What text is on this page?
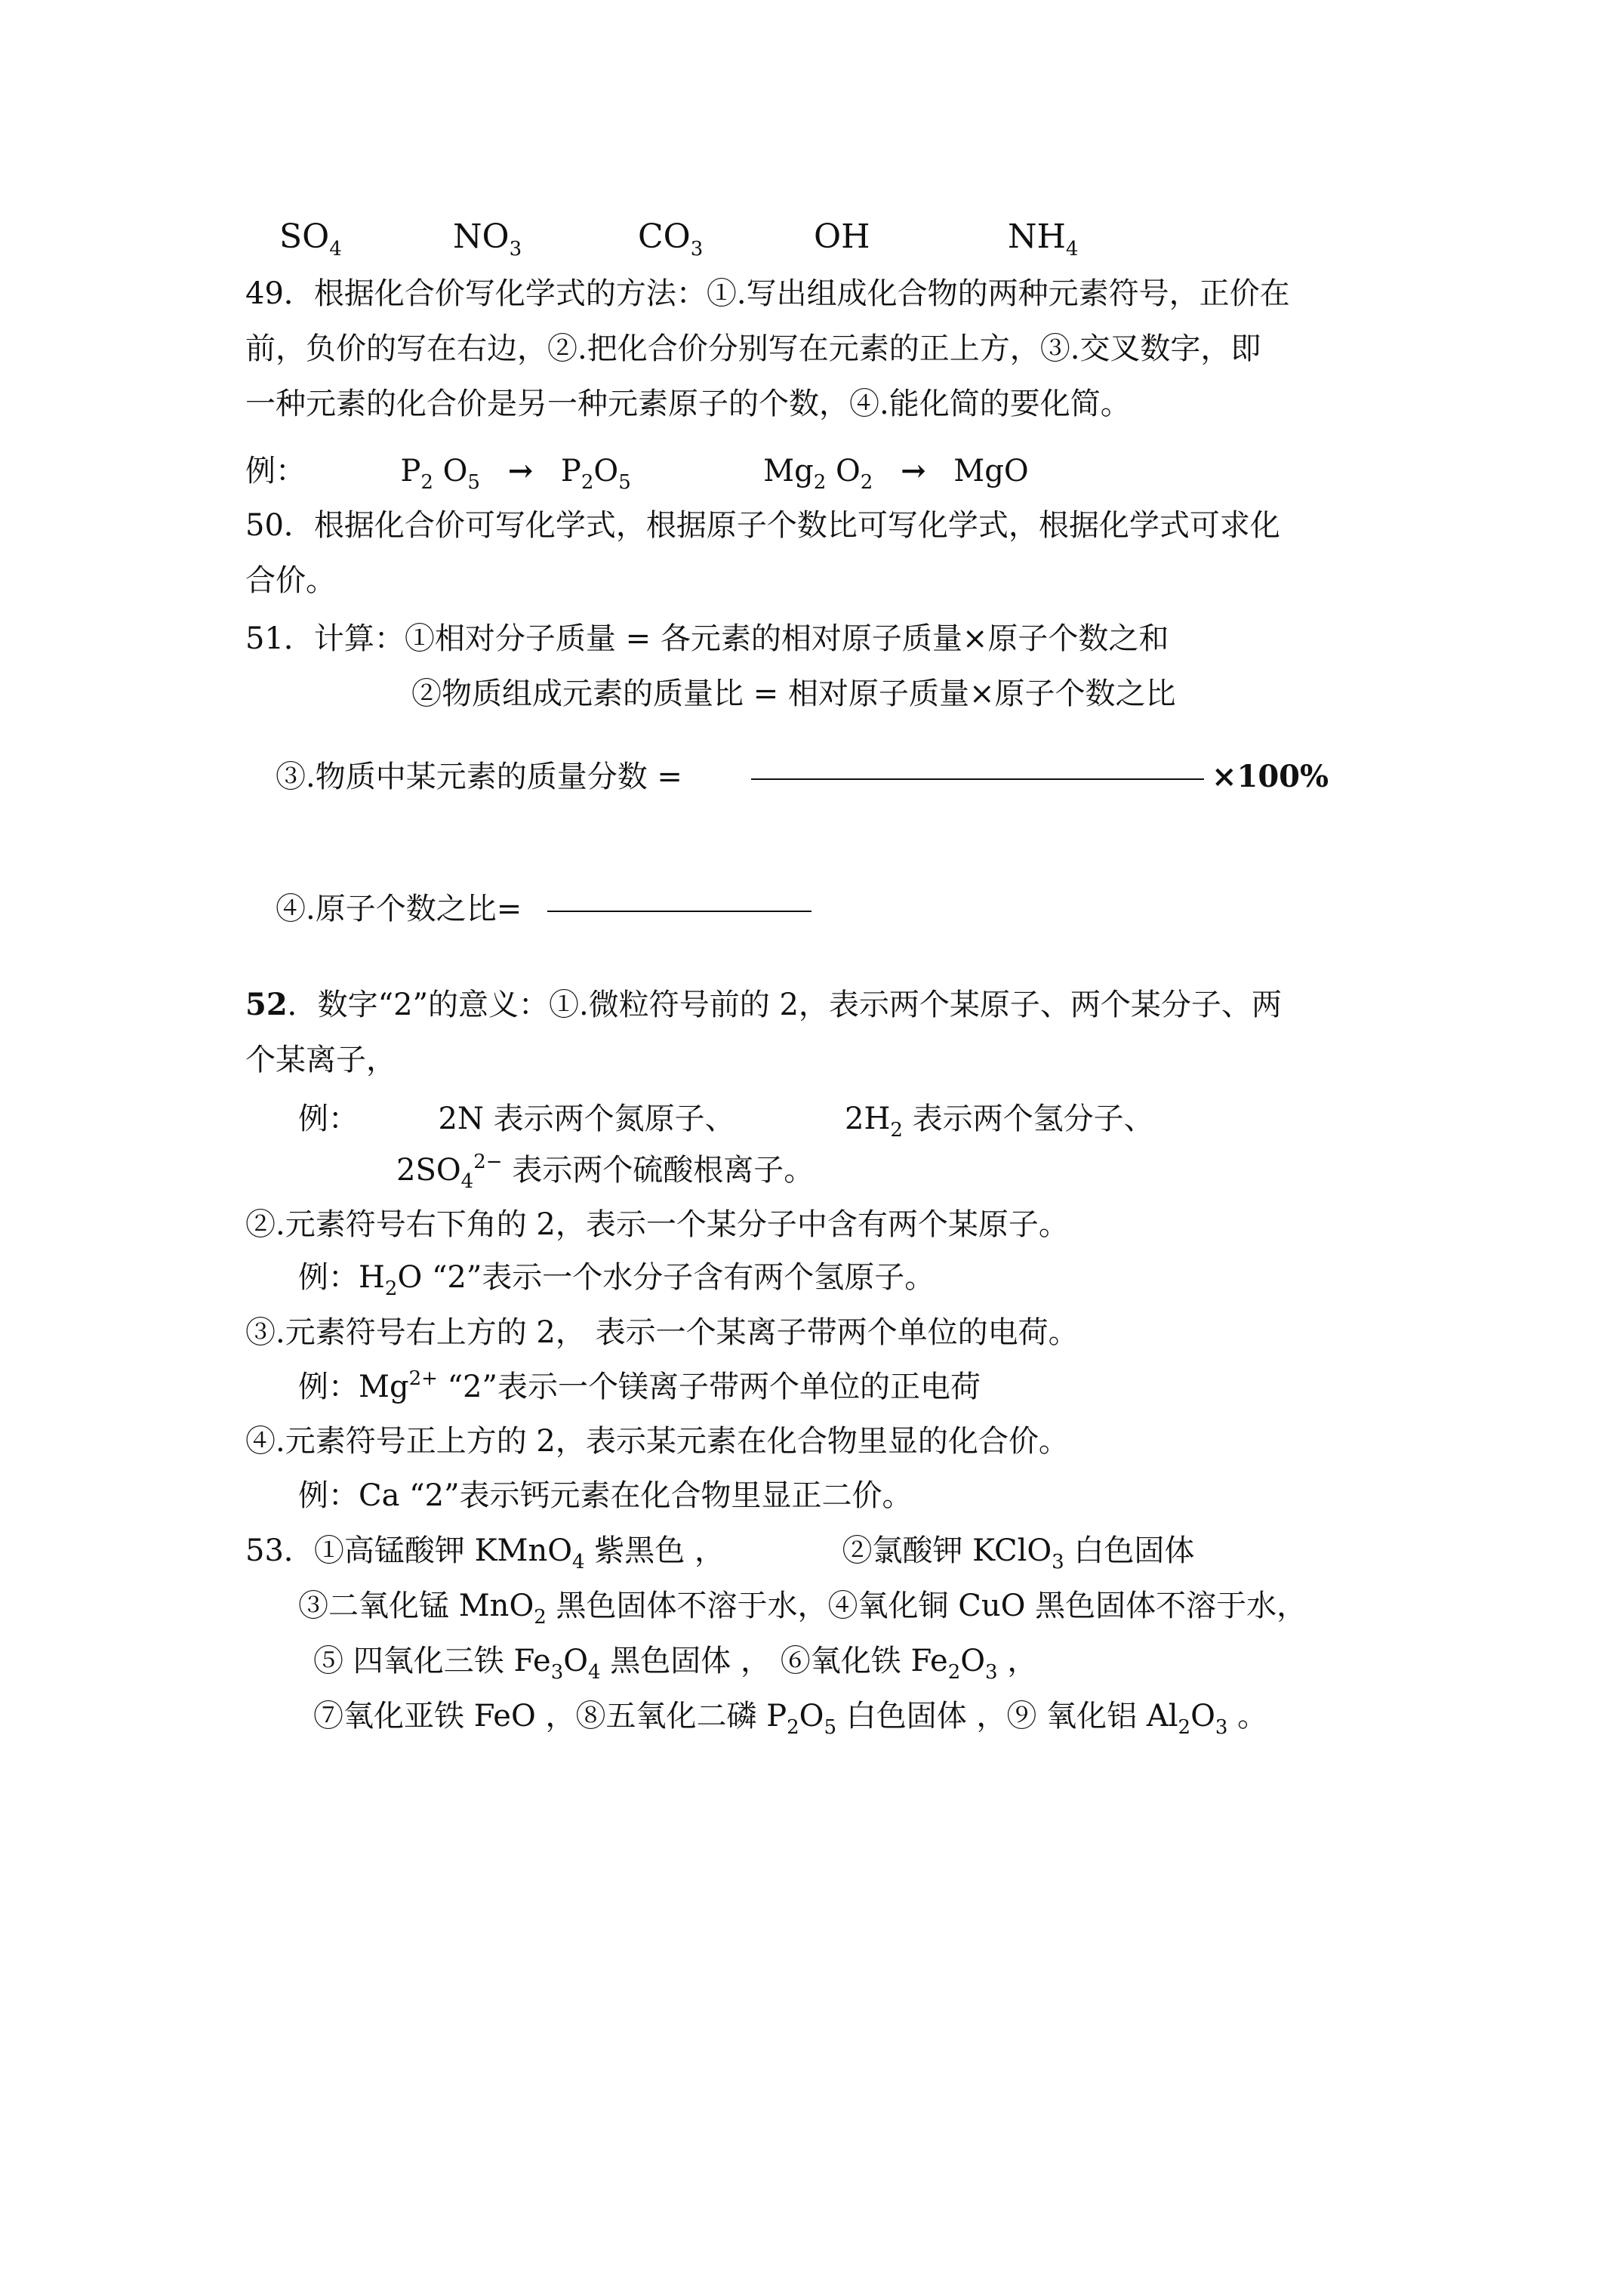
$SO_4$	$NO_3$	$CO_3$	OH	$NH_4$
49．根据化合价写化学式的方法：①.写出组成化合物的两种元素符号，正价在
前，负价的写在右边，②.把化合价分别写在元素的正上方，③.交叉数字，即
一种元素的化合价是另一种元素原子的个数，④.能化简的要化简。
例：	$P_2$ $O_5 \to P_2O_5$	$Mg_2$ $O_2$ → MgO
50．根据化合价可写化学式，根据原子个数比可写化学式，根据化学式可求化
合价。
51．计算：①相对分子质量 = 各元素的相对原子质量×原子个数之和
②物质组成元素的质量比 = 相对原子质量×原子个数之比
③.物质中某元素的质量分数 =	×100%
④.原子个数之比=
52．数字“2”的意义：①.微粒符号前的 2，表示两个某原子、两个某分子、两
个某离子，
例：	2N 表示两个氮原子、	$2H_2$ 表示两个氢分子、
$2SO_4^{2-}$ 表示两个硫酸根离子。
②.元素符号右下角的 2，表示一个某分子中含有两个某原子。
例：$H_2O$ “2”表示一个水分子含有两个氢原子。
③.元素符号右上方的 2， 表示一个某离子带两个单位的电荷。
例：$Mg^{2+}$ “2”表示一个镁离子带两个单位的正电荷
④.元素符号正上方的 2，表示某元素在化合物里显的化合价。
例：Ca “2”表示钙元素在化合物里显正二价。
53．①高锰酸钾 KMnO$_4$ 紫黑色 ，	②氯酸钾 KClO$_3$ 白色固体
③二氧化锰 MnO$_2$ 黑色固体不溶于水，④氧化铜 CuO 黑色固体不溶于水，
⑤ 四氧化三铁 $Fe_3O_4$ 黑色固体 ， ⑥氧化铁 $Fe_2O_3$ ，
⑦氧化亚铁 FeO ，⑧五氧化二磷 $P_2O_5$ 白色固体 ，⑨ 氧化铝 $Al_2O_3$ 。
